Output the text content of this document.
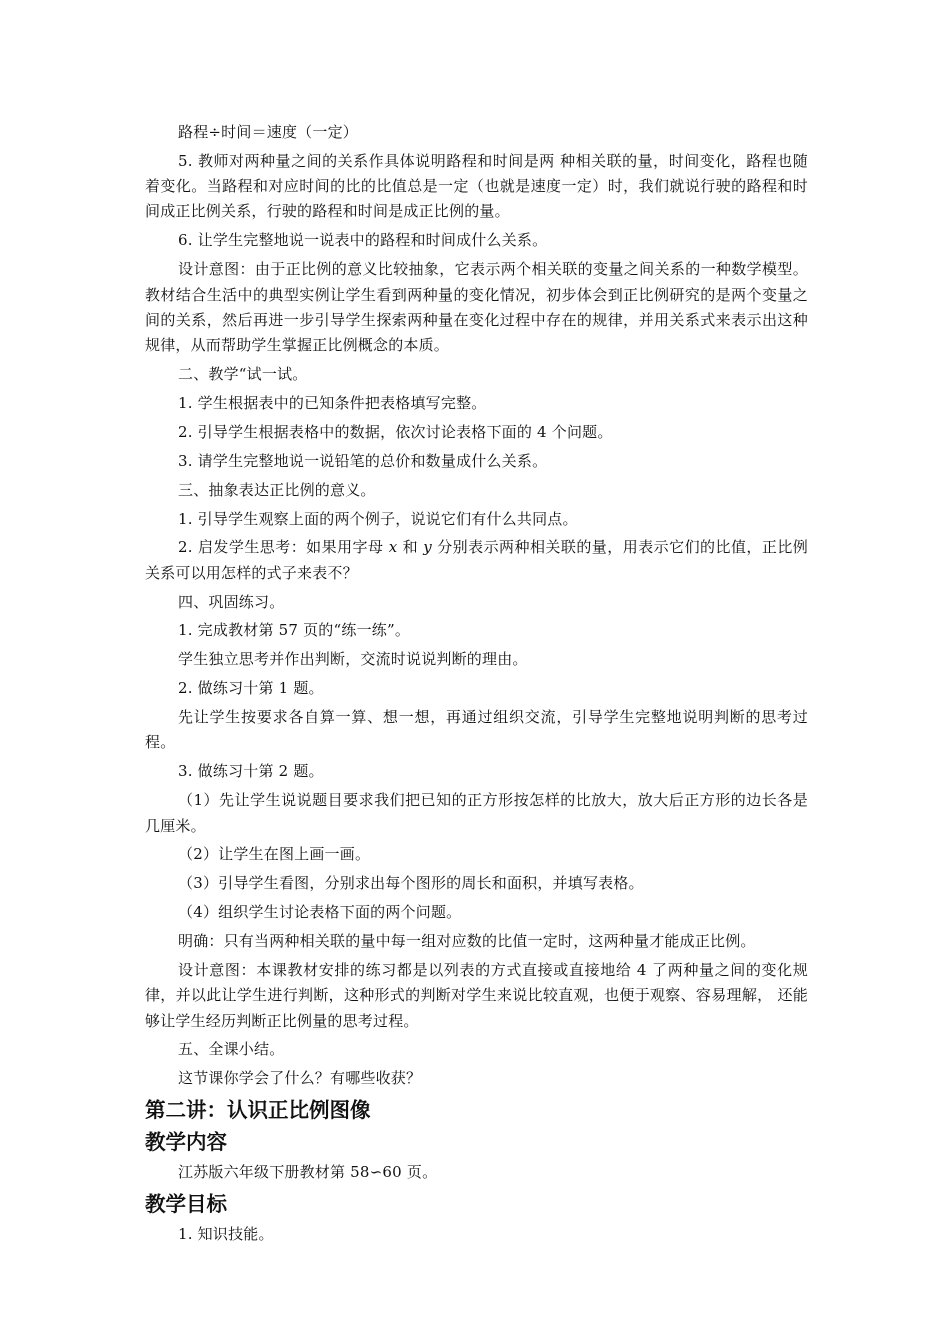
路程÷时间＝速度（一定）

5. 教师对两种量之间的关系作具体说明路程和时间是两 种相关联的量，时间变化，路程也随着变化。当路程和对应时间的比的比值总是一定（也就是速度一定）时，我们就说行驶的路程和时间成正比例关系，行驶的路程和时间是成正比例的量。

6. 让学生完整地说一说表中的路程和时间成什么关系。

设计意图：由于正比例的意义比较抽象，它表示两个相关联的变量之间关系的一种数学模型。教材结合生活中的典型实例让学生看到两种量的变化情况，初步体会到正比例研究的是两个变量之间的关系，然后再进一步引导学生探索两种量在变化过程中存在的规律，并用关系式来表示出这种规律，从而帮助学生掌握正比例概念的本质。

二、教学“试一试。

1. 学生根据表中的已知条件把表格填写完整。

2. 引导学生根据表格中的数据，依次讨论表格下面的 4 个问题。

3. 请学生完整地说一说铅笔的总价和数量成什么关系。

三、抽象表达正比例的意义。

1. 引导学生观察上面的两个例子，说说它们有什么共同点。

2. 启发学生思考：如果用字母 x 和 y 分别表示两种相关联的量，用表示它们的比值，正比例关系可以用怎样的式子来表不？

四、巩固练习。

1. 完成教材第 57 页的“练一练”。

学生独立思考并作出判断，交流时说说判断的理由。

2. 做练习十第 1 题。

先让学生按要求各自算一算、想一想，再通过组织交流，引导学生完整地说明判断的思考过程。

3. 做练习十第 2 题。

（1）先让学生说说题目要求我们把已知的正方形按怎样的比放大，放大后正方形的边长各是几厘米。

（2）让学生在图上画一画。

（3）引导学生看图，分别求出每个图形的周长和面积，并填写表格。

（4）组织学生讨论表格下面的两个问题。

明确：只有当两种相关联的量中每一组对应数的比值一定时，这两种量才能成正比例。

设计意图：本课教材安排的练习都是以列表的方式直接或直接地给 4 了两种量之间的变化规律，并以此让学生进行判断，这种形式的判断对学生来说比较直观，也便于观察、容易理解， 还能够让学生经历判断正比例量的思考过程。

五、全课小结。

这节课你学会了什么？有哪些收获？

第二讲：认识正比例图像
教学内容

江苏版六年级下册教材第 58∽60 页。

教学目标

1. 知识技能。
